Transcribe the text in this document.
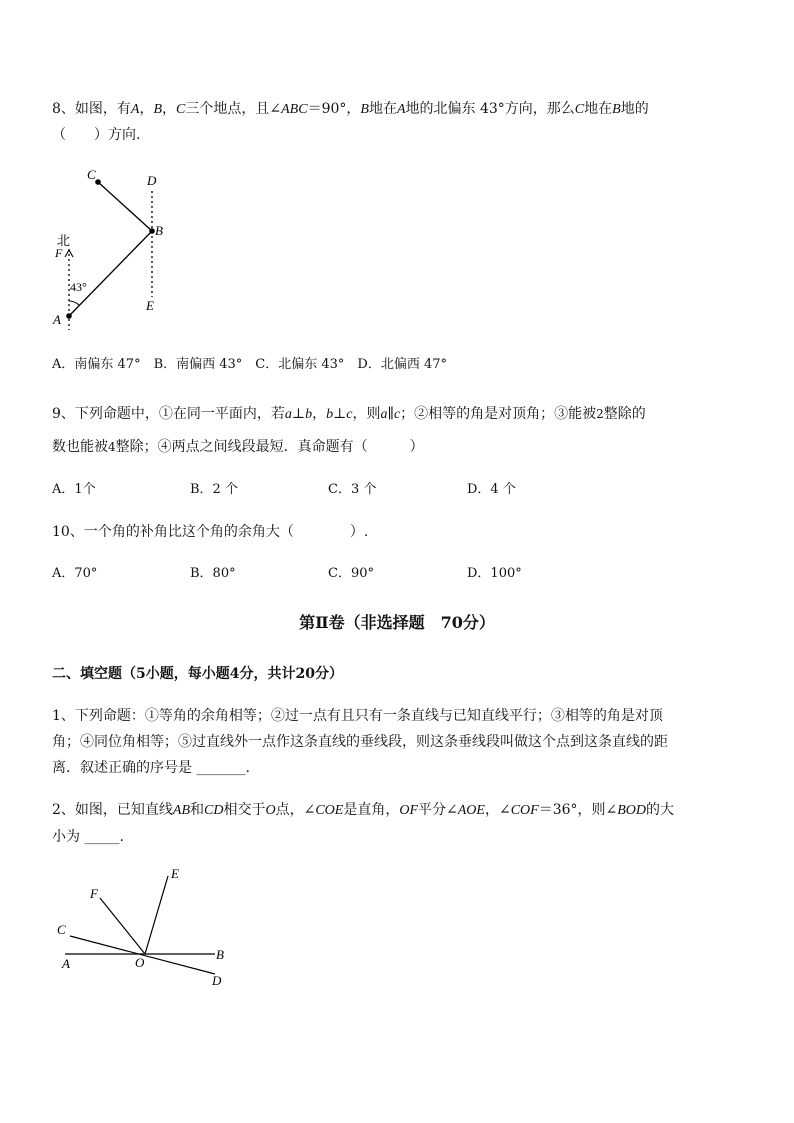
8、如图，有A，B，C三个地点，且∠ABC＝90°，B地在A地的北偏东 43°方向，那么C地在B地的
（　　）方向.
C	D
B
北
F
43°
A
E
A．南偏东 47°　B．南偏西 43°　C．北偏东 43°　D．北偏西 47°
9、下列命题中，①在同一平面内，若a⊥b，b⊥c，则a∥c；②相等的角是对顶角；③能被2整除的
数也能被4整除；④两点之间线段最短．真命题有（　　　）
A．1个	B．2 个	C．3 个	D．4 个
10、一个角的补角比这个角的余角大（　　　　）.
A．70°	B．80°	C．90°	D．100°
第Ⅱ卷（非选择题　70分）
二、填空题（5小题，每小题4分，共计20分）
1、下列命题：①等角的余角相等；②过一点有且只有一条直线与已知直线平行；③相等的角是对顶
角；④同位角相等；⑤过直线外一点作这条直线的垂线段，则这条垂线段叫做这个点到这条直线的距
离．叙述正确的序号是 _______.
2、如图，已知直线AB和CD相交于O点，∠COE是直角，OF平分∠AOE，∠COF＝36°，则∠BOD的大
小为 _____.
E
F
C
A	O
B
D
